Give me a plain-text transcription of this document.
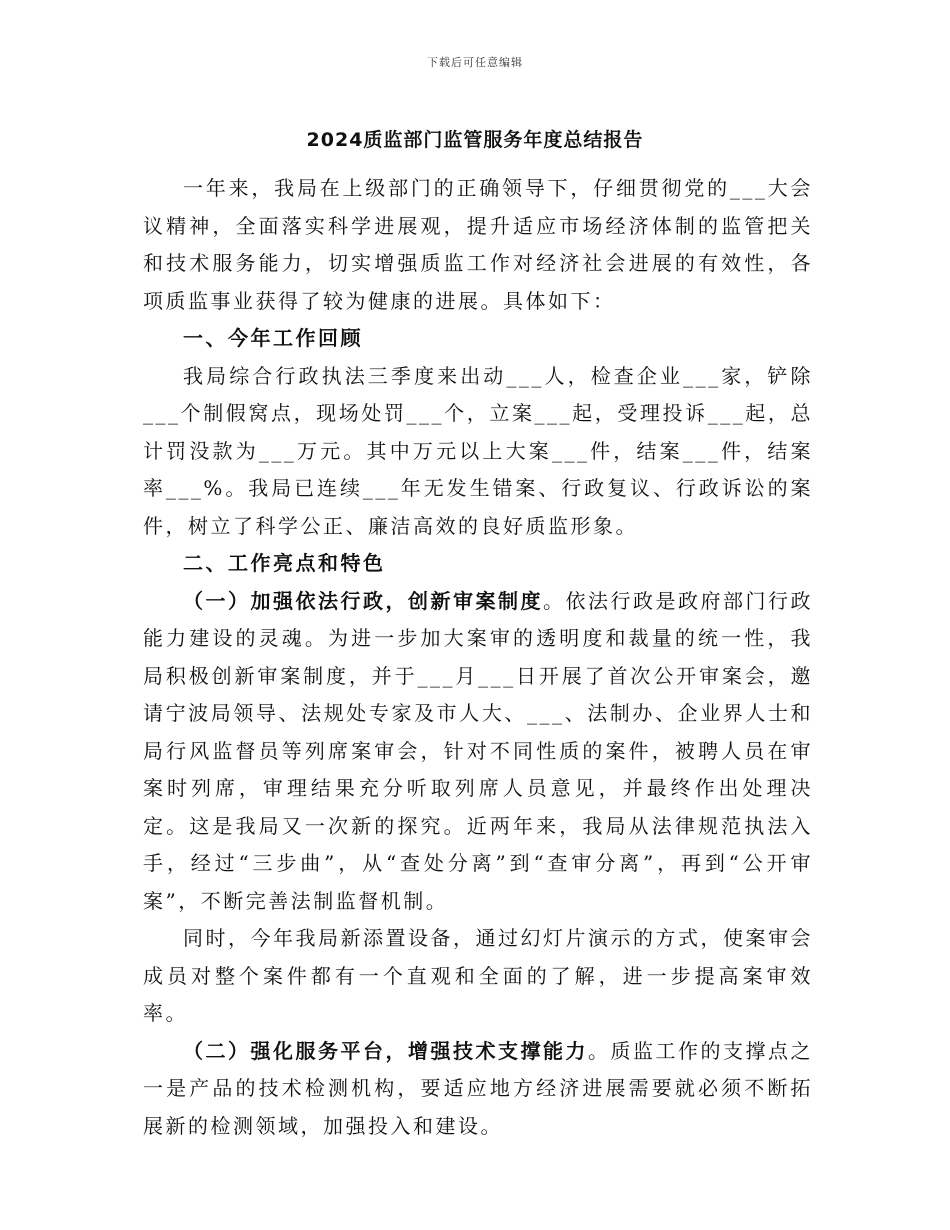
下载后可任意编辑
2024质监部门监管服务年度总结报告

一年来，我局在上级部门的正确领导下，仔细贯彻党的___大会议精神，全面落实科学进展观，提升适应市场经济体制的监管把关和技术服务能力，切实增强质监工作对经济社会进展的有效性，各项质监事业获得了较为健康的进展。具体如下：

一、今年工作回顾

我局综合行政执法三季度来出动___人，检查企业___家，铲除___个制假窝点，现场处罚___个，立案___起，受理投诉___起，总计罚没款为___万元。其中万元以上大案___件，结案___件，结案率___%。我局已连续___年无发生错案、行政复议、行政诉讼的案件，树立了科学公正、廉洁高效的良好质监形象。

二、工作亮点和特色

（一）加强依法行政，创新审案制度。依法行政是政府部门行政能力建设的灵魂。为进一步加大案审的透明度和裁量的统一性，我局积极创新审案制度，并于___月___日开展了首次公开审案会，邀请宁波局领导、法规处专家及市人大、___、法制办、企业界人士和局行风监督员等列席案审会，针对不同性质的案件，被聘人员在审案时列席，审理结果充分听取列席人员意见，并最终作出处理决定。这是我局又一次新的探究。近两年来，我局从法律规范执法入手，经过“三步曲”，从“查处分离”到“查审分离”，再到“公开审案”，不断完善法制监督机制。

同时，今年我局新添置设备，通过幻灯片演示的方式，使案审会成员对整个案件都有一个直观和全面的了解，进一步提高案审效率。

（二）强化服务平台，增强技术支撑能力。质监工作的支撑点之一是产品的技术检测机构，要适应地方经济进展需要就必须不断拓展新的检测领域，加强投入和建设。
